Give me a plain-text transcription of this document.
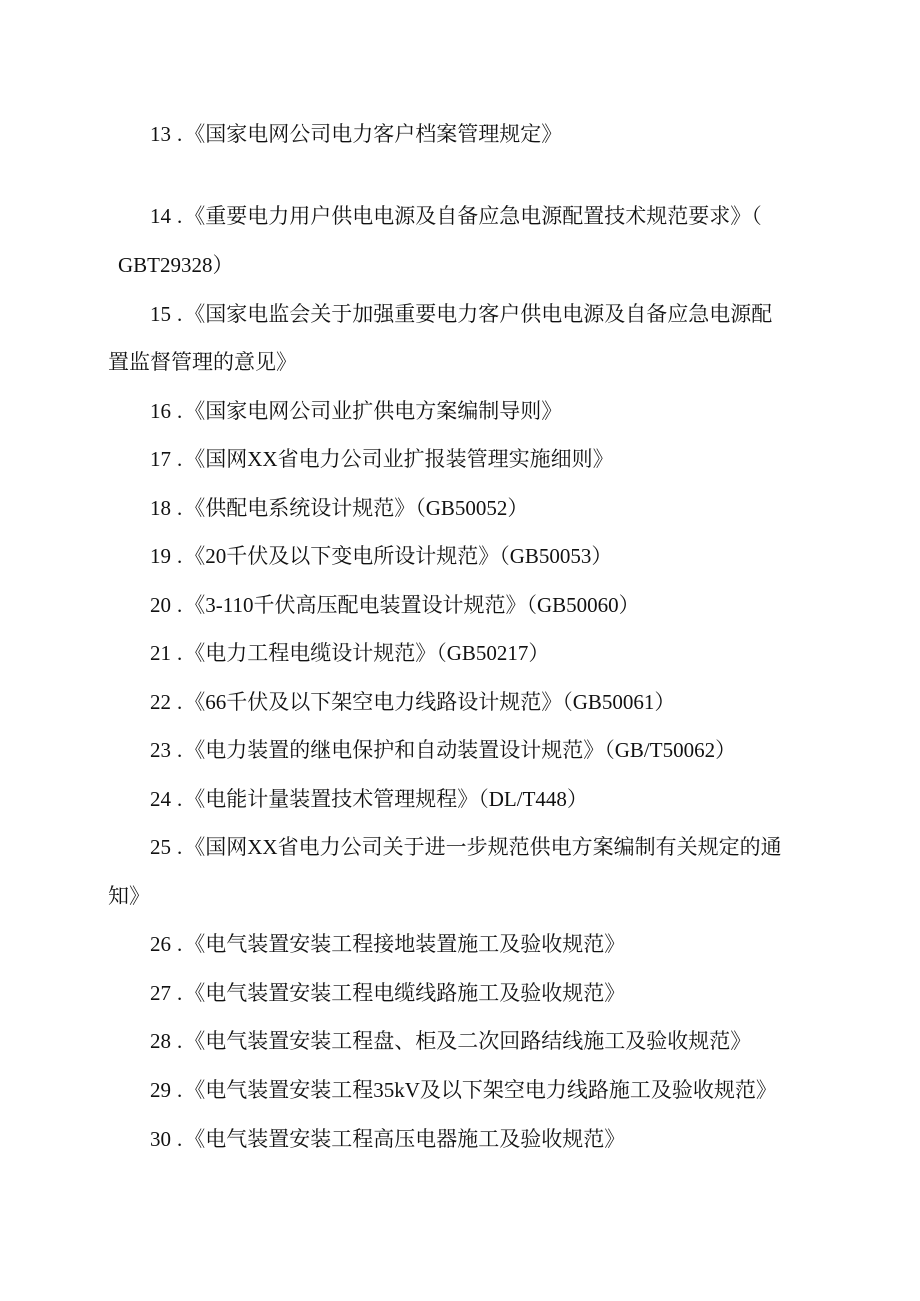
13 .《国家电网公司电力客户档案管理规定》
14 .《重要电力用户供电电源及自备应急电源配置技术规范要求》（
GBT29328）
15 .《国家电监会关于加强重要电力客户供电电源及自备应急电源配
置监督管理的意见》
16 .《国家电网公司业扩供电方案编制导则》
17 .《国网XX省电力公司业扩报装管理实施细则》
18 .《供配电系统设计规范》（GB50052）
19 .《20千伏及以下变电所设计规范》（GB50053）
20 .《3-110千伏高压配电装置设计规范》（GB50060）
21 .《电力工程电缆设计规范》（GB50217）
22 .《66千伏及以下架空电力线路设计规范》（GB50061）
23 .《电力装置的继电保护和自动装置设计规范》（GB/T50062）
24 .《电能计量装置技术管理规程》（DL/T448）
25 .《国网XX省电力公司关于进一步规范供电方案编制有关规定的通
知》
26 .《电气装置安装工程接地装置施工及验收规范》
27 .《电气装置安装工程电缆线路施工及验收规范》
28 .《电气装置安装工程盘、柜及二次回路结线施工及验收规范》
29 .《电气装置安装工程35kV及以下架空电力线路施工及验收规范》
30 .《电气装置安装工程高压电器施工及验收规范》
